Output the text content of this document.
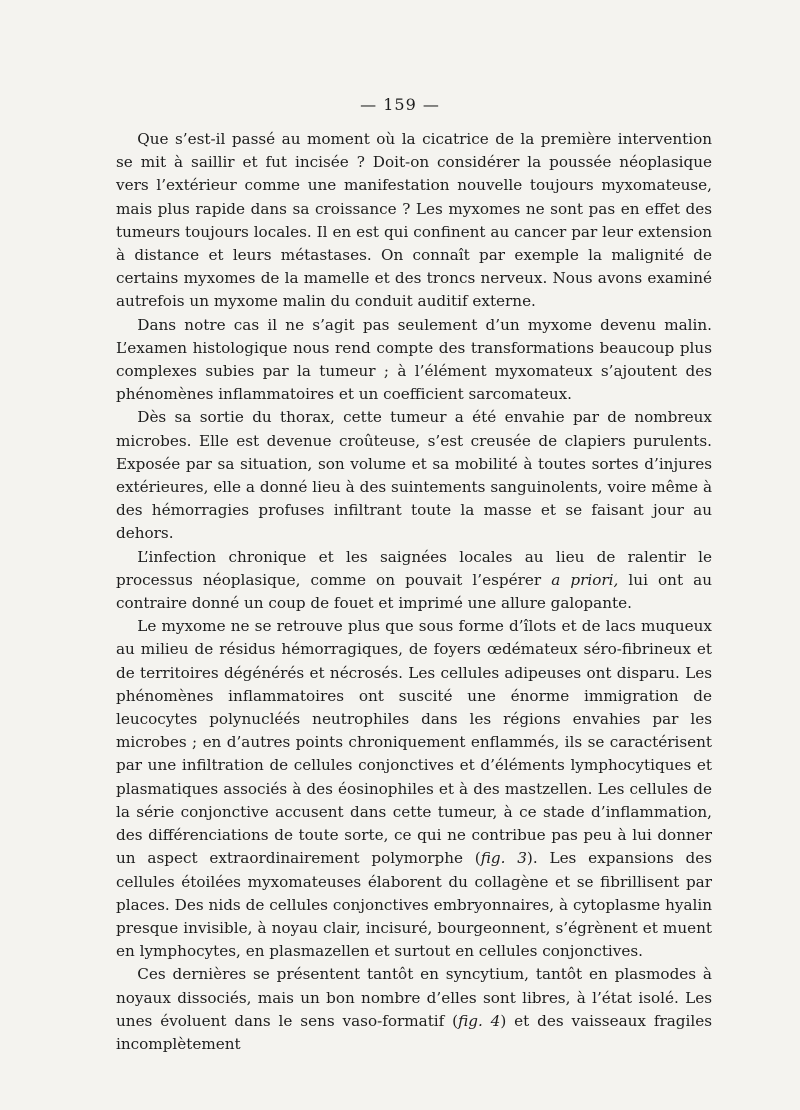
— 159 —

Que s’est-il passé au moment où la cicatrice de la première intervention se mit à saillir et fut incisée ? Doit-on considérer la poussée néoplasique vers l’extérieur comme une manifestation nouvelle toujours myxomateuse, mais plus rapide dans sa croissance ? Les myxomes ne sont pas en effet des tumeurs toujours locales. Il en est qui confinent au cancer par leur extension à distance et leurs métastases. On connaît par exemple la malignité de certains myxomes de la mamelle et des troncs nerveux. Nous avons examiné autrefois un myxome malin du conduit auditif externe.

Dans notre cas il ne s’agit pas seulement d’un myxome devenu malin. L’examen histologique nous rend compte des transformations beaucoup plus complexes subies par la tumeur ; à l’élément myxomateux s’ajoutent des phénomènes inflammatoires et un coefficient sarcomateux.

Dès sa sortie du thorax, cette tumeur a été envahie par de nombreux microbes. Elle est devenue croûteuse, s’est creusée de clapiers purulents. Exposée par sa situation, son volume et sa mobilité à toutes sortes d’injures extérieures, elle a donné lieu à des suintements sanguinolents, voire même à des hémorragies profuses infiltrant toute la masse et se faisant jour au dehors.

L’infection chronique et les saignées locales au lieu de ralentir le processus néoplasique, comme on pouvait l’espérer a priori, lui ont au contraire donné un coup de fouet et imprimé une allure galopante.

Le myxome ne se retrouve plus que sous forme d’îlots et de lacs muqueux au milieu de résidus hémorragiques, de foyers œdémateux séro-fibrineux et de territoires dégénérés et nécrosés. Les cellules adipeuses ont disparu. Les phénomènes inflammatoires ont suscité une énorme immigration de leucocytes polynucléés neutrophiles dans les régions envahies par les microbes ; en d’autres points chroniquement enflammés, ils se caractérisent par une infiltration de cellules conjonctives et d’éléments lymphocytiques et plasmatiques associés à des éosinophiles et à des mastzellen. Les cellules de la série conjonctive accusent dans cette tumeur, à ce stade d’inflammation, des différenciations de toute sorte, ce qui ne contribue pas peu à lui donner un aspect extraordinairement polymorphe (fig. 3). Les expansions des cellules étoilées myxomateuses élaborent du collagène et se fibrillisent par places. Des nids de cellules conjonctives embryonnaires, à cytoplasme hyalin presque invisible, à noyau clair, incisuré, bourgeonnent, s’égrènent et muent en lymphocytes, en plasmazellen et surtout en cellules conjonctives.

Ces dernières se présentent tantôt en syncytium, tantôt en plasmodes à noyaux dissociés, mais un bon nombre d’elles sont libres, à l’état isolé. Les unes évoluent dans le sens vaso-formatif (fig. 4) et des vaisseaux fragiles incomplètement
